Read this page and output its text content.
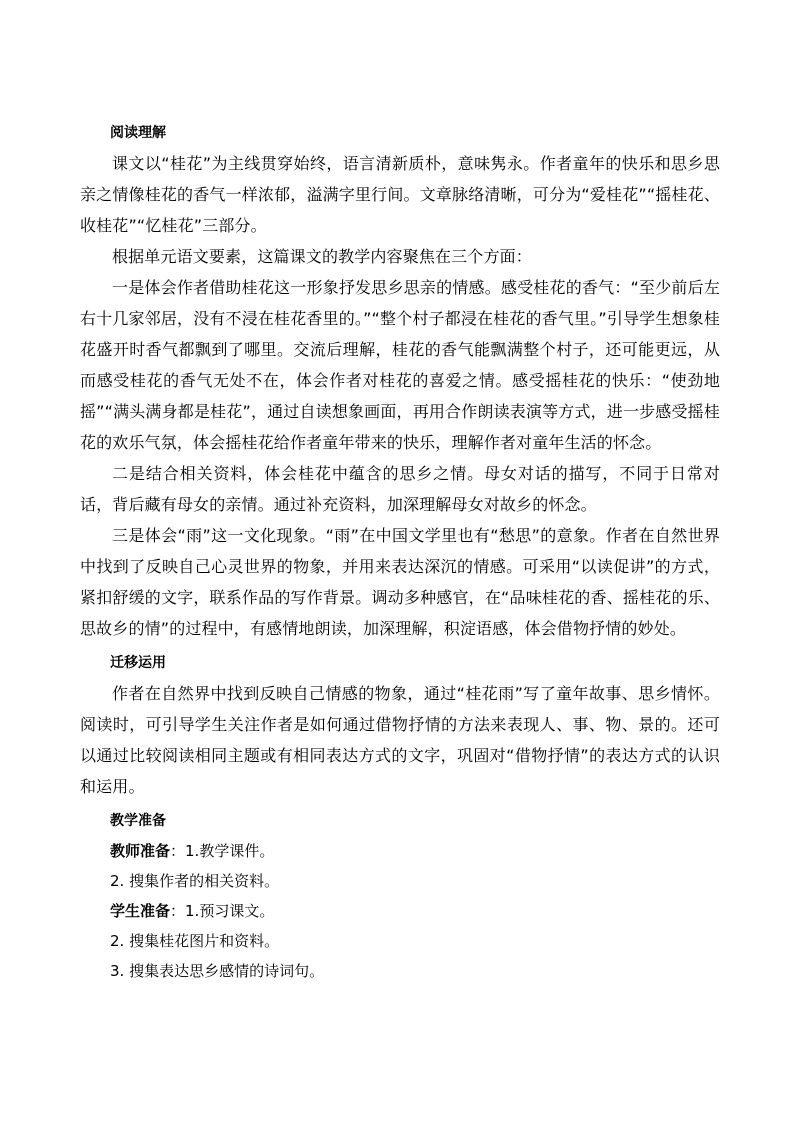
阅读理解

课文以“桂花”为主线贯穿始终，语言清新质朴，意味隽永。作者童年的快乐和思乡思亲之情像桂花的香气一样浓郁，溢满字里行间。文章脉络清晰，可分为“爱桂花”“摇桂花、收桂花”“忆桂花”三部分。

根据单元语文要素，这篇课文的教学内容聚焦在三个方面：

一是体会作者借助桂花这一形象抒发思乡思亲的情感。感受桂花的香气：“至少前后左右十几家邻居，没有不浸在桂花香里的。”“整个村子都浸在桂花的香气里。”引导学生想象桂花盛开时香气都飘到了哪里。交流后理解，桂花的香气能飘满整个村子，还可能更远，从而感受桂花的香气无处不在，体会作者对桂花的喜爱之情。感受摇桂花的快乐：“使劲地摇”“满头满身都是桂花”，通过自读想象画面，再用合作朗读表演等方式，进一步感受摇桂花的欢乐气氛，体会摇桂花给作者童年带来的快乐，理解作者对童年生活的怀念。

二是结合相关资料，体会桂花中蕴含的思乡之情。母女对话的描写，不同于日常对话，背后藏有母女的亲情。通过补充资料，加深理解母女对故乡的怀念。

三是体会“雨”这一文化现象。“雨”在中国文学里也有“愁思”的意象。作者在自然世界中找到了反映自己心灵世界的物象，并用来表达深沉的情感。可采用“以读促讲”的方式，紧扣舒缓的文字，联系作品的写作背景。调动多种感官，在“品味桂花的香、摇桂花的乐、思故乡的情”的过程中，有感情地朗读，加深理解，积淀语感，体会借物抒情的妙处。

迁移运用

作者在自然界中找到反映自己情感的物象，通过“桂花雨”写了童年故事、思乡情怀。阅读时，可引导学生关注作者是如何通过借物抒情的方法来表现人、事、物、景的。还可以通过比较阅读相同主题或有相同表达方式的文字，巩固对“借物抒情”的表达方式的认识和运用。

教学准备
教师准备：1.教学课件。
2. 搜集作者的相关资料。
学生准备：1.预习课文。
2. 搜集桂花图片和资料。
3. 搜集表达思乡感情的诗词句。
